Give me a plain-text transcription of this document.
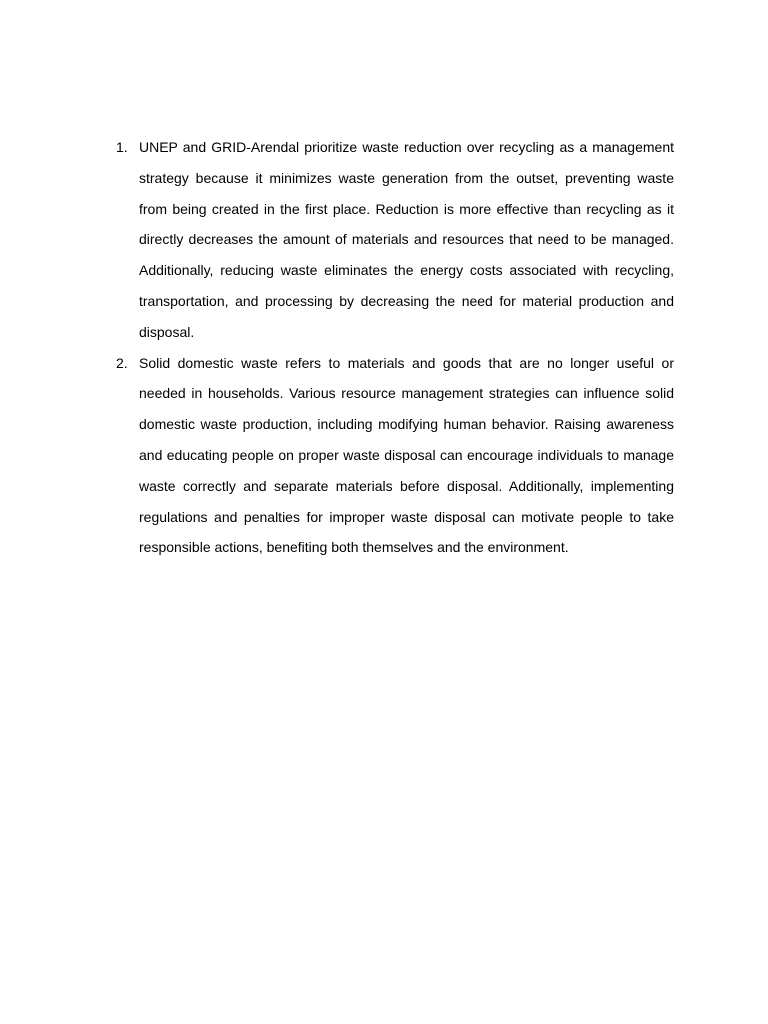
1. UNEP and GRID-Arendal prioritize waste reduction over recycling as a management strategy because it minimizes waste generation from the outset, preventing waste from being created in the first place. Reduction is more effective than recycling as it directly decreases the amount of materials and resources that need to be managed. Additionally, reducing waste eliminates the energy costs associated with recycling, transportation, and processing by decreasing the need for material production and disposal.
2. Solid domestic waste refers to materials and goods that are no longer useful or needed in households. Various resource management strategies can influence solid domestic waste production, including modifying human behavior. Raising awareness and educating people on proper waste disposal can encourage individuals to manage waste correctly and separate materials before disposal. Additionally, implementing regulations and penalties for improper waste disposal can motivate people to take responsible actions, benefiting both themselves and the environment.
